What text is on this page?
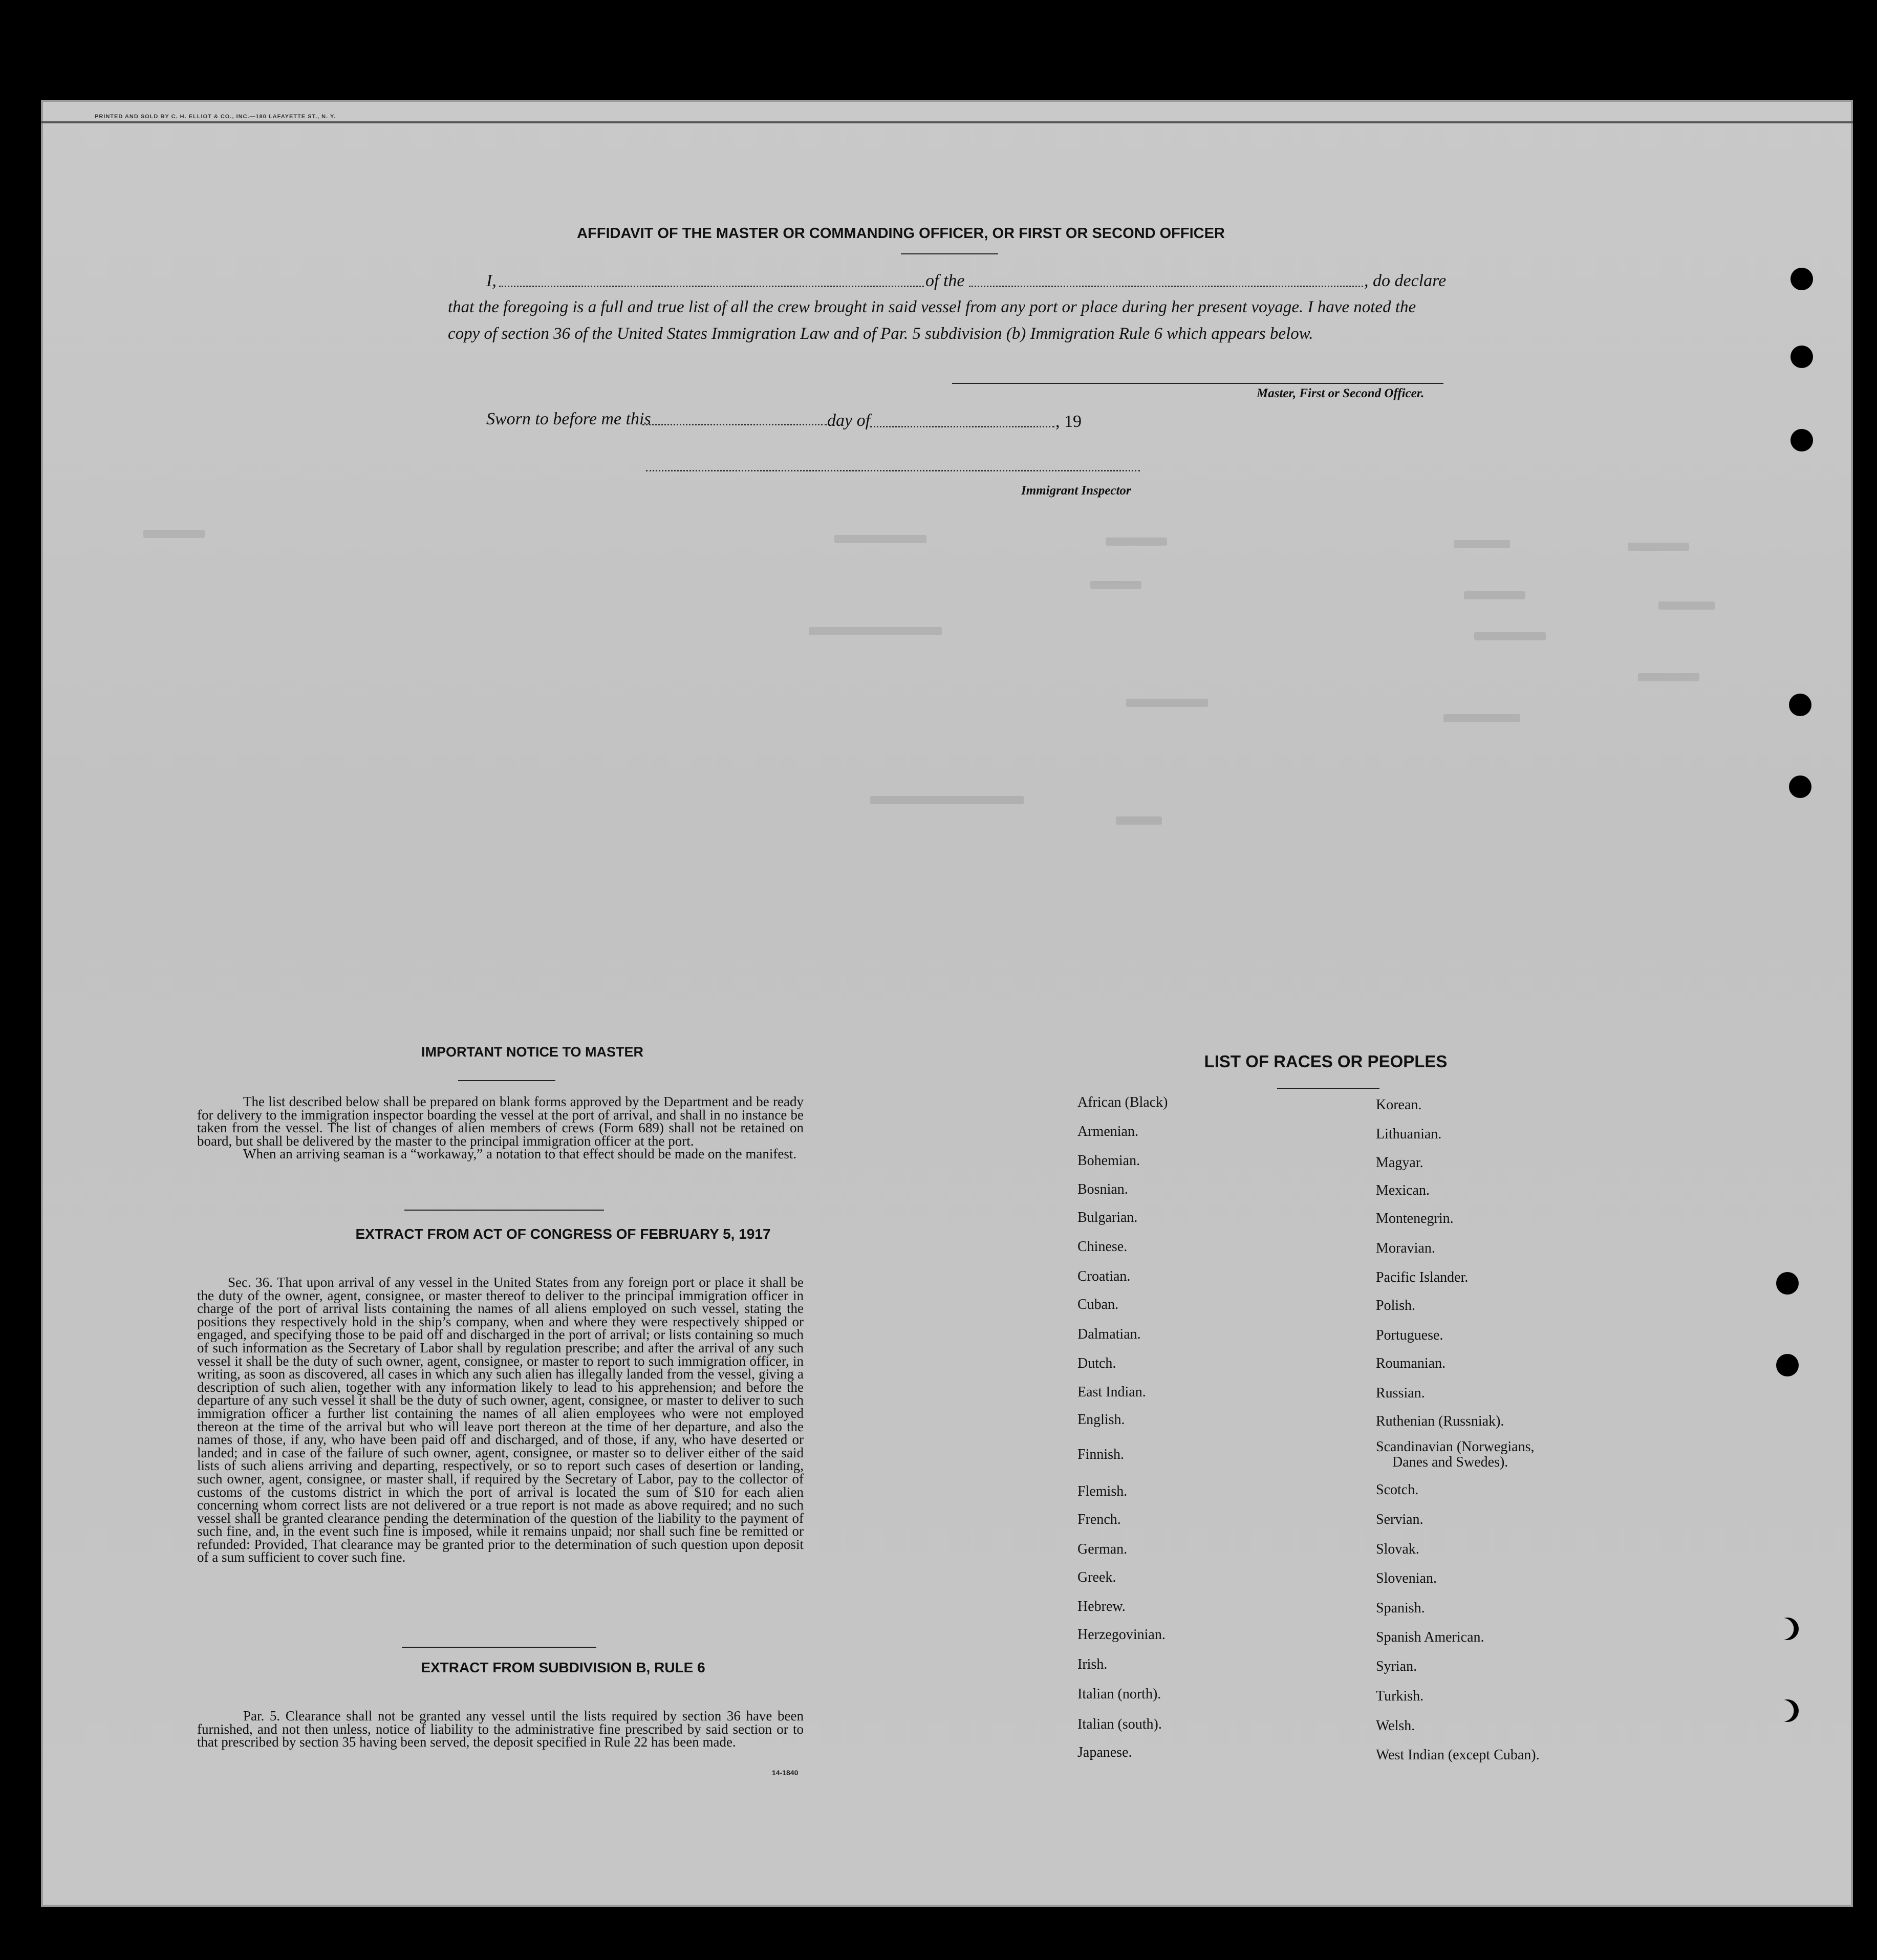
PRINTED AND SOLD BY C. H. ELLIOT & CO., INC.—180 LAFAYETTE ST., N. Y.
AFFIDAVIT OF THE MASTER OR COMMANDING OFFICER, OR FIRST OR SECOND OFFICER
I,	of the	, do declare
that the foregoing is a full and true list of all the crew brought in said vessel from any port or place during her present voyage. I have noted the
copy of section 36 of the United States Immigration Law and of Par. 5 subdivision (b) Immigration Rule 6 which appears below.
Master, First or Second Officer.
Sworn to before me this	day of	, 19
Immigrant Inspector
IMPORTANT NOTICE TO MASTER

The list described below shall be prepared on blank forms approved by the Department and be ready for delivery to the immigration inspector boarding the vessel at the port of arrival, and shall in no instance be taken from the vessel. The list of changes of alien members of crews (Form 689) shall not be retained on board, but shall be delivered by the master to the principal immigration officer at the port.

When an arriving seaman is a “workaway,” a notation to that effect should be made on the manifest.

EXTRACT FROM ACT OF CONGRESS OF FEBRUARY 5, 1917

Sec. 36. That upon arrival of any vessel in the United States from any foreign port or place it shall be the duty of the owner, agent, consignee, or master thereof to deliver to the principal immigration officer in charge of the port of arrival lists containing the names of all aliens employed on such vessel, stating the positions they respectively hold in the ship’s company, when and where they were respectively shipped or engaged, and specifying those to be paid off and discharged in the port of arrival; or lists containing so much of such information as the Secretary of Labor shall by regulation prescribe; and after the arrival of any such vessel it shall be the duty of such owner, agent, consignee, or master to report to such immigration officer, in writing, as soon as discovered, all cases in which any such alien has illegally landed from the vessel, giving a description of such alien, together with any information likely to lead to his apprehension; and before the departure of any such vessel it shall be the duty of such owner, agent, consignee, or master to deliver to such immigration officer a further list containing the names of all alien employees who were not employed thereon at the time of the arrival but who will leave port thereon at the time of her departure, and also the names of those, if any, who have been paid off and discharged, and of those, if any, who have deserted or landed; and in case of the failure of such owner, agent, consignee, or master so to deliver either of the said lists of such aliens arriving and departing, respectively, or so to report such cases of desertion or landing, such owner, agent, consignee, or master shall, if required by the Secretary of Labor, pay to the collector of customs of the customs district in which the port of arrival is located the sum of $10 for each alien concerning whom correct lists are not delivered or a true report is not made as above required; and no such vessel shall be granted clearance pending the determination of the question of the liability to the payment of such fine, and, in the event such fine is imposed, while it remains unpaid; nor shall such fine be remitted or refunded: Provided, That clearance may be granted prior to the determination of such question upon deposit of a sum sufficient to cover such fine.

EXTRACT FROM SUBDIVISION B, RULE 6

Par. 5. Clearance shall not be granted any vessel until the lists required by section 36 have been furnished, and not then unless, notice of liability to the administrative fine prescribed by said section or to that prescribed by section 35 having been served, the deposit specified in Rule 22 has been made.

14-1840
LIST OF RACES OR PEOPLES
African (Black)
Armenian.
Bohemian.
Bosnian.
Bulgarian.
Chinese.
Croatian.
Cuban.
Dalmatian.
Dutch.
East Indian.
English.
Finnish.
Flemish.
French.
German.
Greek.
Hebrew.
Herzegovinian.
Irish.
Italian (north).
Italian (south).
Japanese.
Korean.
Lithuanian.
Magyar.
Mexican.
Montenegrin.
Moravian.
Pacific Islander.
Polish.
Portuguese.
Roumanian.
Russian.
Ruthenian (Russniak).
Scandinavian (Norwegians,
Danes and Swedes).
Scotch.
Servian.
Slovak.
Slovenian.
Spanish.
Spanish American.
Syrian.
Turkish.
Welsh.
West Indian (except Cuban).
